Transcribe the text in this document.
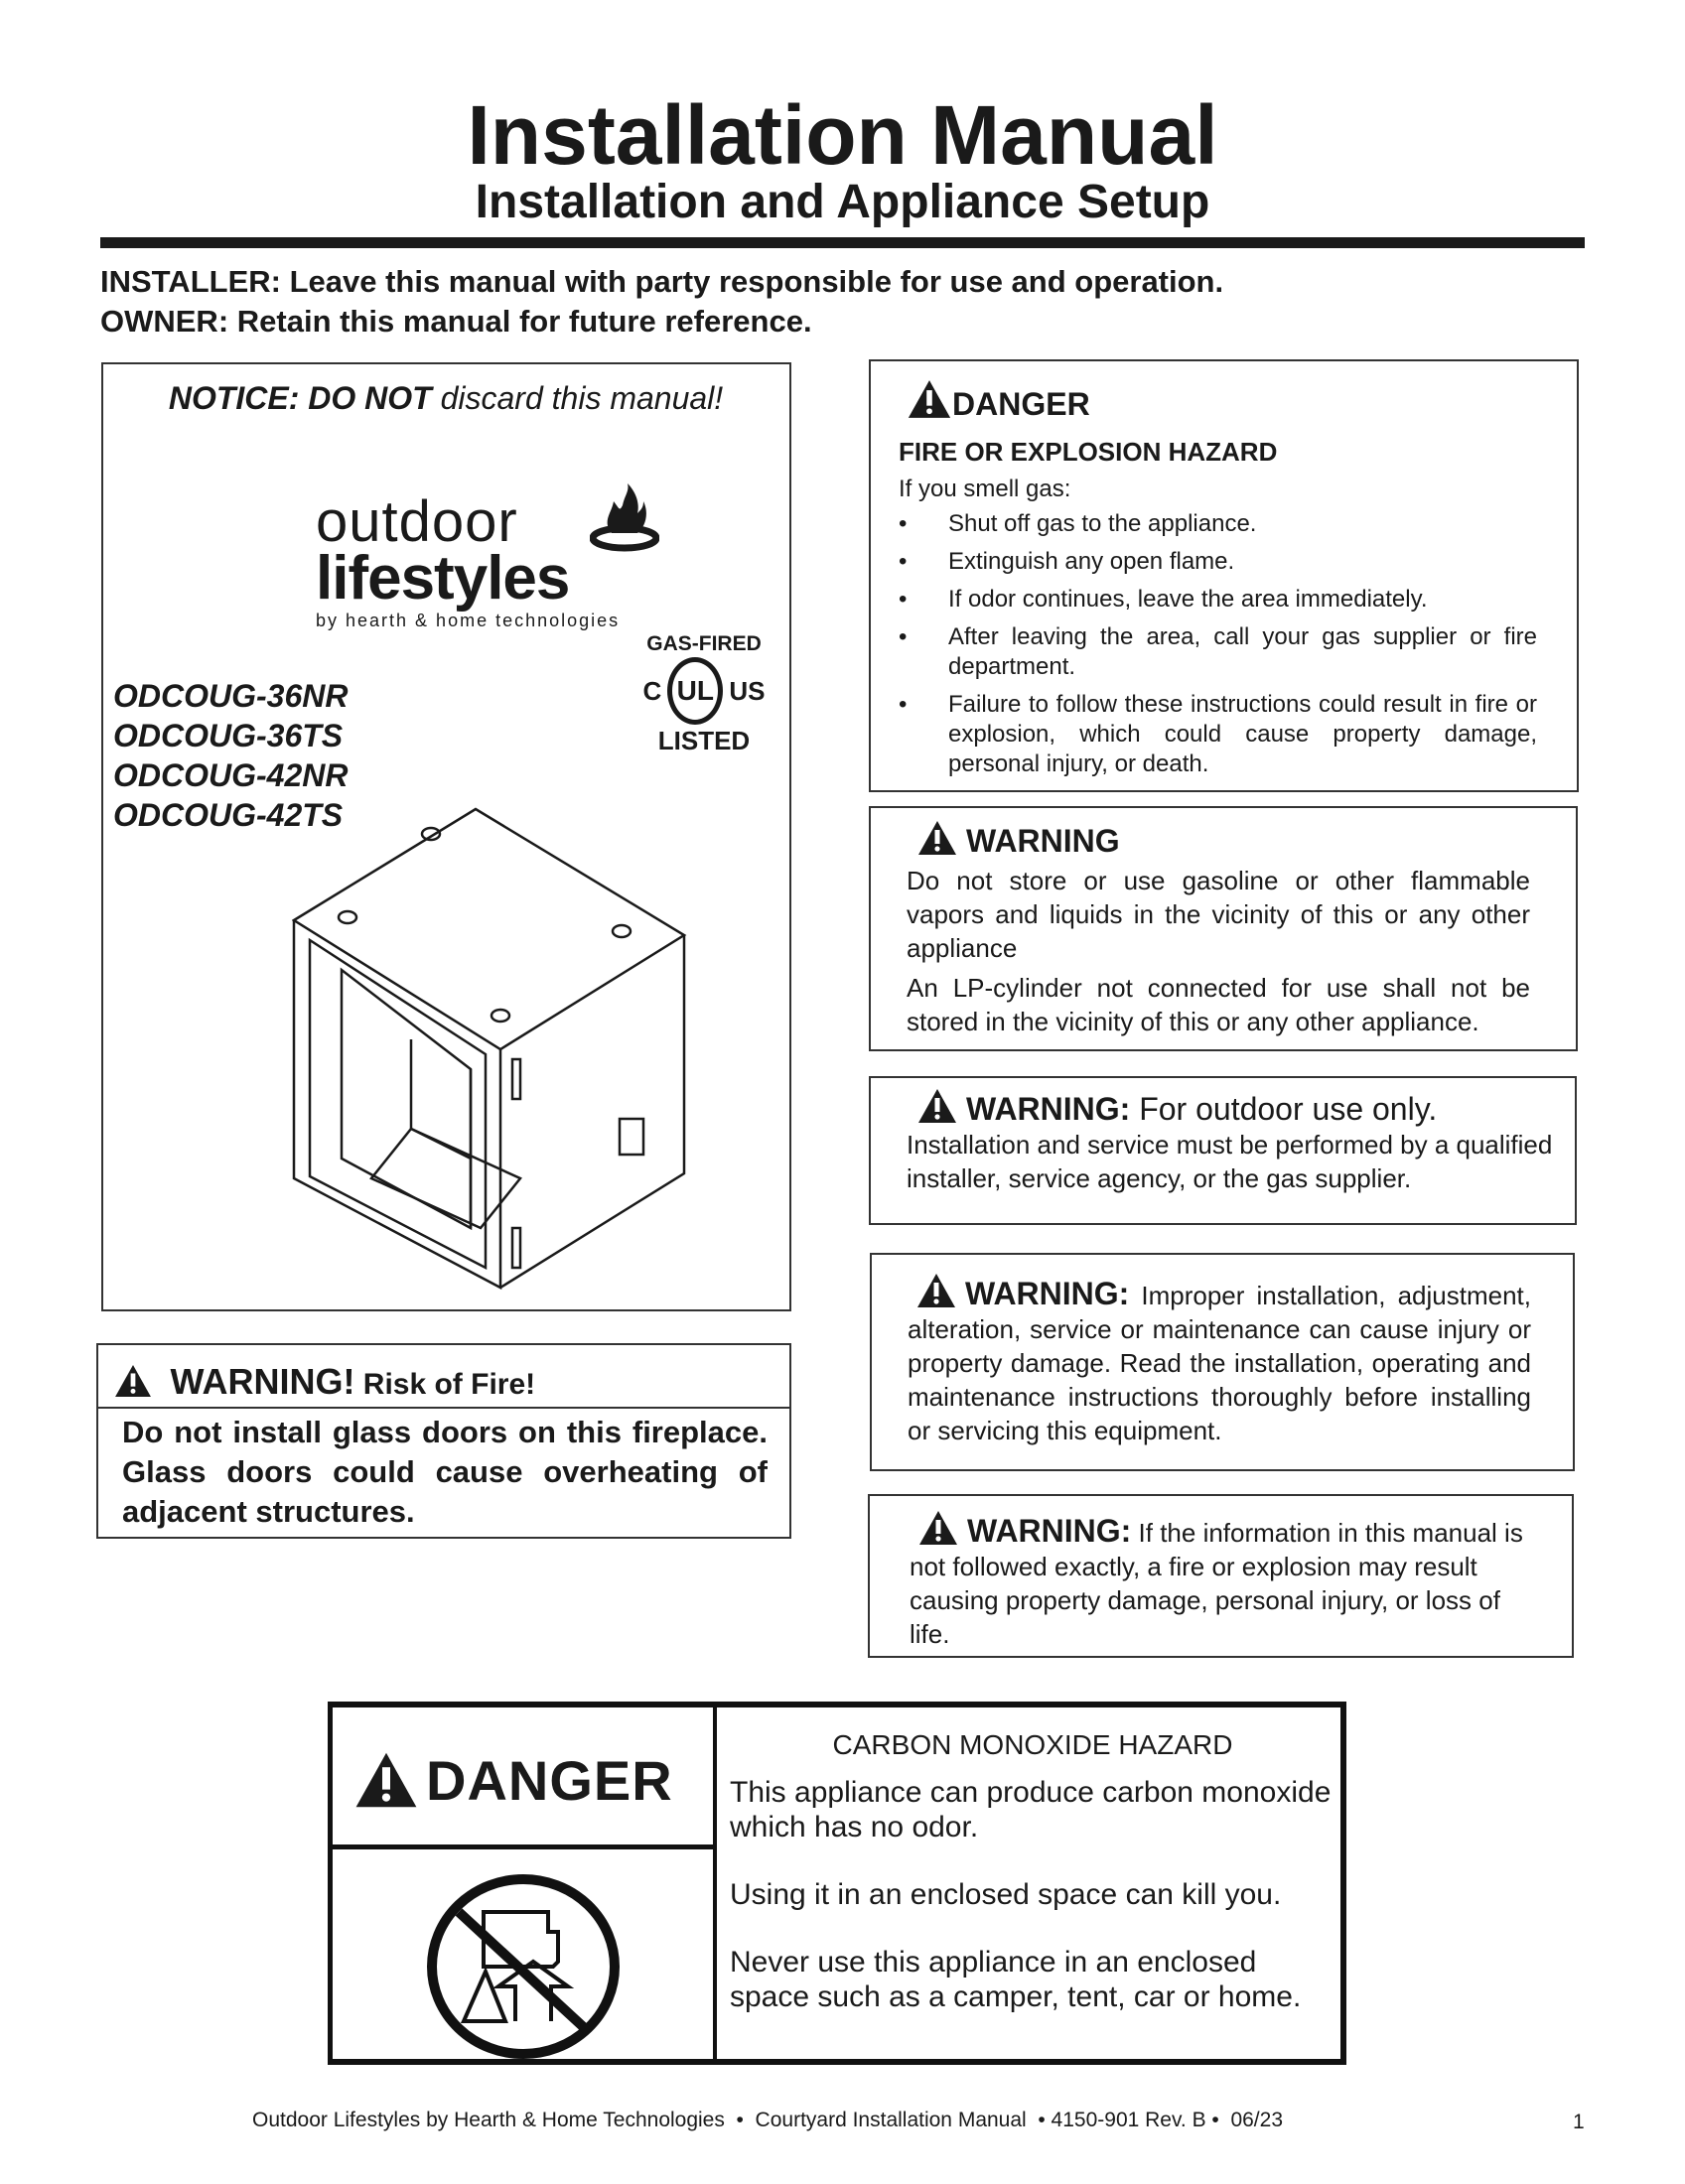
Installation Manual
Installation and Appliance Setup
INSTALLER: Leave this manual with party responsible for use and operation.
OWNER: Retain this manual for future reference.
NOTICE: DO NOT discard this manual!
outdoor
lifestyles
by hearth & home technologies
GAS-FIRED
C UL US
LISTED
ODCOUG-36NR
ODCOUG-36TS
ODCOUG-42NR
ODCOUG-42TS
WARNING! Risk of Fire!
Do not install glass doors on this fireplace. Glass doors could cause overheating of adjacent structures.
DANGER
FIRE OR EXPLOSION HAZARD
If you smell gas:
• Shut off gas to the appliance.
• Extinguish any open flame.
• If odor continues, leave the area immediately.
• After leaving the area, call your gas supplier or fire department.
• Failure to follow these instructions could result in fire or explosion, which could cause property damage, personal injury, or death.
WARNING
Do not store or use gasoline or other flammable vapors and liquids in the vicinity of this or any other appliance
An LP-cylinder not connected for use shall not be stored in the vicinity of this or any other appliance.
WARNING: For outdoor use only.
Installation and service must be performed by a qualified installer, service agency, or the gas supplier.
WARNING: Improper installation, adjustment, alteration, service or maintenance can cause injury or property damage. Read the installation, operating and maintenance instructions thoroughly before installing or servicing this equipment.
WARNING: If the information in this manual is not followed exactly, a fire or explosion may result causing property damage, personal injury, or loss of life.
DANGER
CARBON MONOXIDE HAZARD
This appliance can produce carbon monoxide which has no odor.
Using it in an enclosed space can kill you.
Never use this appliance in an enclosed space such as a camper, tent, car or home.
Outdoor Lifestyles by Hearth & Home Technologies  •  Courtyard Installation Manual  • 4150-901 Rev. B •  06/23	1
